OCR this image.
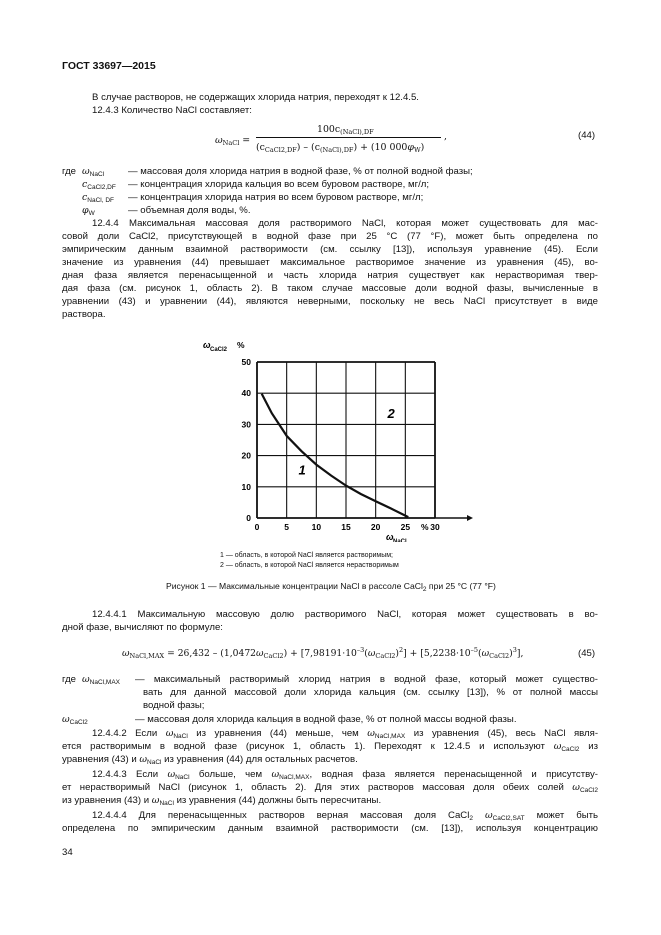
ГОСТ 33697—2015
В случае растворов, не содержащих хлорида натрия, переходят к 12.4.5.
12.4.3 Количество NaCl составляет:
$\omega_{NaCl}$ =
$100c_{(NaCl),DF}$
$(c_{CaCl2,DF}) - (c_{(NaCl),DF}) + (10$ $000\varphi_W$)
,	(44)
где $\omega_{NaCl}$ — массовая доля хлорида натрия в водной фазе, % от полной водной фазы;
$c_{CaCl2,DF}$ — концентрация хлорида кальция во всем буровом растворе, мг/л;
$c_{NaCl, DF}$ — концентрация хлорида натрия во всем буровом растворе, мг/л;
$\varphi_W$	— объемная доля воды, %.
12.4.4 Максимальная массовая доля растворимого NaCl, которая может существовать для мас-
совой доли CaCl2, присутствующей в водной фазе при 25 °C (77 °F), может быть определена по
эмпирическим данным взаимной растворимости (см. ссылку [13]), используя уравнение (45). Если
значение из уравнения (44) превышает максимальное растворимое значение из уравнения (45), во-
дная фаза является перенасыщенной и часть хлорида натрия существует как нерастворимая твер-
дая фаза (см. рисунок 1, область 2). В таком случае массовые доли водной фазы, вычисленные в
уравнении (43) и уравнении (44), являются неверными, поскольку не весь NaCl присутствует в виде
раствора.
0	5	10 15 20 25 30
0
10
20
30
40
50
ω CaCl2 %
ω NaCl
%
1
2
1 — область, в которой NaCl является растворимым;
2 — область, в которой NaCl является нерастворимым
Рисунок 1 — Максимальные концентрации NaCl в рассоле CaCl$_2$ при 25 °C (77 °F)
12.4.4.1 Максимальную массовую долю растворимого NaCl, которая может существовать в во-
дной фазе, вычисляют по формуле:
$\omega_{NaCl,MAX} = 26,432 - (1,0472\omega_{CaCl2}) + [7,98191\cdot 10^{-3}(\omega_{CaCl2})^2] + [5,2238\cdot 10^{-5}(\omega_{CaCl2})^3]$,	(45)
где $\omega_{NaCl,MAX}$ — максимальный растворимый хлорид натрия в водной фазе, который может существо-
вать для данной массовой доли хлорида кальция (см. ссылку [13]), % от полной массы
водной фазы;
$\omega_{CaCl2}$	— массовая доля хлорида кальция в водной фазе, % от полной массы водной фазы.
12.4.4.2 Если $\omega_{NaCl}$ из уравнения (44) меньше, чем $\omega_{NaCl,MAX}$ из уравнения (45), весь NaCl явля-
ется растворимым в водной фазе (рисунок 1, область 1). Переходят к 12.4.5 и используют $\omega_{CaCl2}$ из
уравнения (43) и $\omega_{NaCl}$ из уравнения (44) для остальных расчетов.
12.4.4.3 Если $\omega_{NaCl}$ больше, чем $\omega_{NaCl,MAX}$, водная фаза является перенасыщенной и присутству-
ет нерастворимый NaCl (рисунок 1, область 2). Для этих растворов массовая доля обеих солей $\omega_{CaCl2}$
из уравнения (43) и $\omega_{NaCl}$ из уравнения (44) должны быть пересчитаны.
12.4.4.4 Для перенасыщенных растворов верная массовая доля CaCl$_2$ $\omega_{CaCl2,SAT}$ может быть
определена по эмпирическим данным взаимной растворимости (см. [13]), используя концентрацию
34
